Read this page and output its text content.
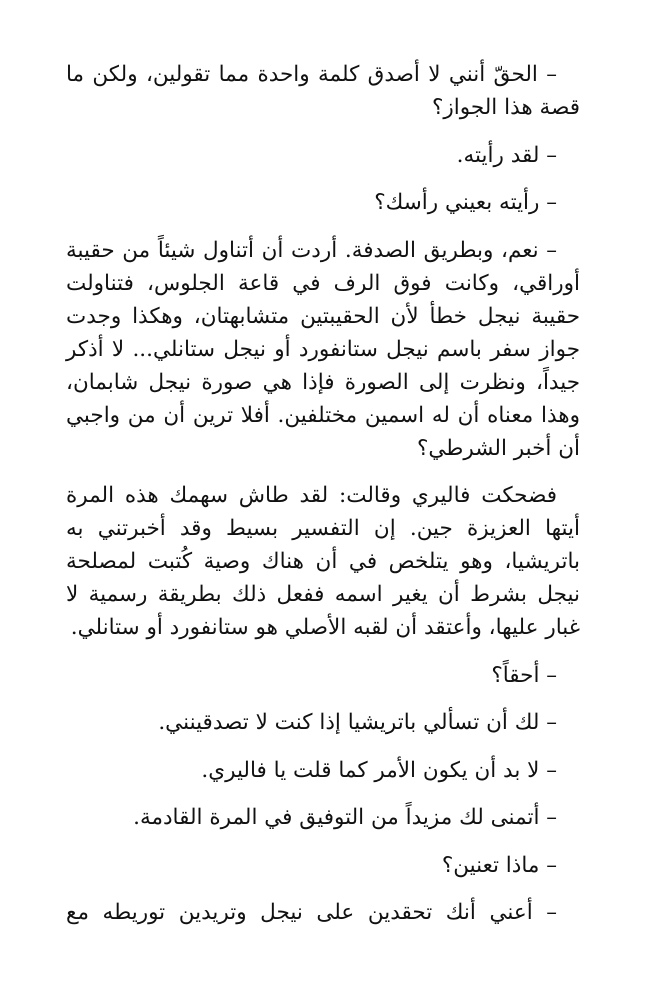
– الحقّ أنني لا أصدق كلمة واحدة مما تقولين، ولكن ما قصة هذا الجواز؟

– لقد رأيته.

– رأيته بعيني رأسك؟

– نعم، وبطريق الصدفة. أردت أن أتناول شيئاً من حقيبة أوراقي، وكانت فوق الرف في قاعة الجلوس، فتناولت حقيبة نيجل خطأ لأن الحقيبتين متشابهتان، وهكذا وجدت جواز سفر باسم نيجل ستانفورد أو نيجل ستانلي... لا أذكر جيداً، ونظرت إلى الصورة فإذا هي صورة نيجل شابمان، وهذا معناه أن له اسمين مختلفين. أفلا ترين أن من واجبي أن أخبر الشرطي؟

فضحكت فاليري وقالت: لقد طاش سهمك هذه المرة أيتها العزيزة جين. إن التفسير بسيط وقد أخبرتني به باتريشيا، وهو يتلخص في أن هناك وصية كُتبت لمصلحة نيجل بشرط أن يغير اسمه ففعل ذلك بطريقة رسمية لا غبار عليها، وأعتقد أن لقبه الأصلي هو ستانفورد أو ستانلي.

– أحقاً؟

– لك أن تسألي باتريشيا إذا كنت لا تصدقينني.

– لا بد أن يكون الأمر كما قلت يا فاليري.

– أتمنى لك مزيداً من التوفيق في المرة القادمة.

– ماذا تعنين؟

– أعني أنك تحقدين على نيجل وتريدين توريطه مع
